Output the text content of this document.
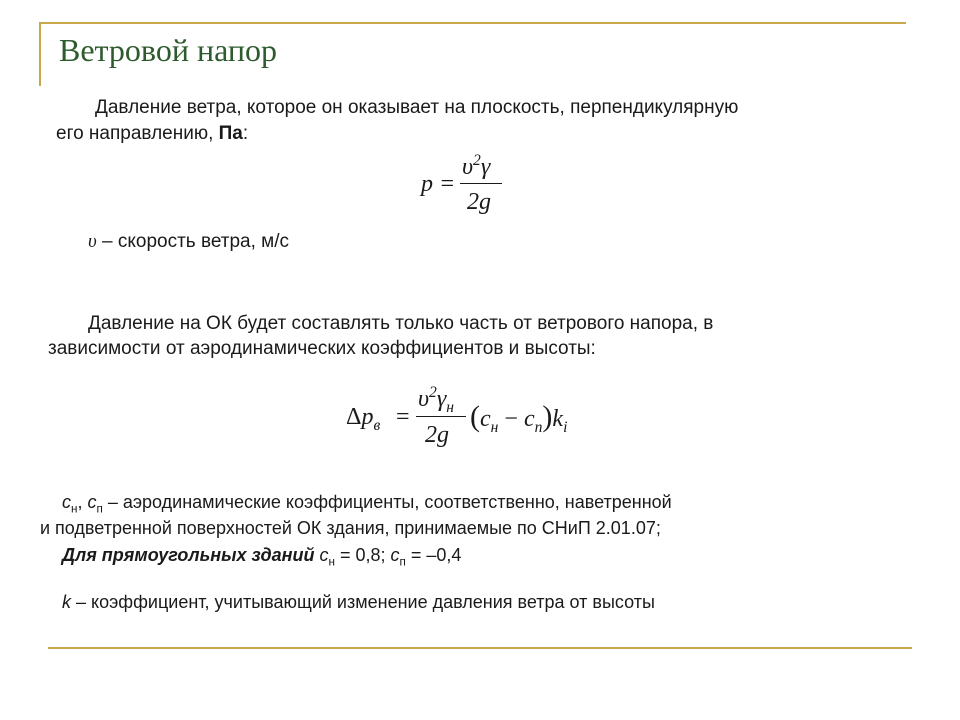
Ветровой напор
Давление ветра, которое он оказывает на плоскость, перпендикулярную
его направлению, Па:
p =
$\upsilon^2\gamma$
2g
υ – скорость ветра, м/с
Давление на ОК будет составлять только часть от ветрового напора, в
зависимости от аэродинамических коэффициентов и высоты:
$\Delta p_в$ =
$\upsilon^2\gamma_н$
2g
$(c_н - c_п)k_i$
$c_н$, $c_п$ – аэродинамические коэффициенты, соответственно, наветренной
и подветренной поверхностей ОК здания, принимаемые по СНиП 2.01.07;
Для прямоугольных зданий $c_н = 0,8$; $c_п = -0,4$
k – коэффициент, учитывающий изменение давления ветра от высоты
